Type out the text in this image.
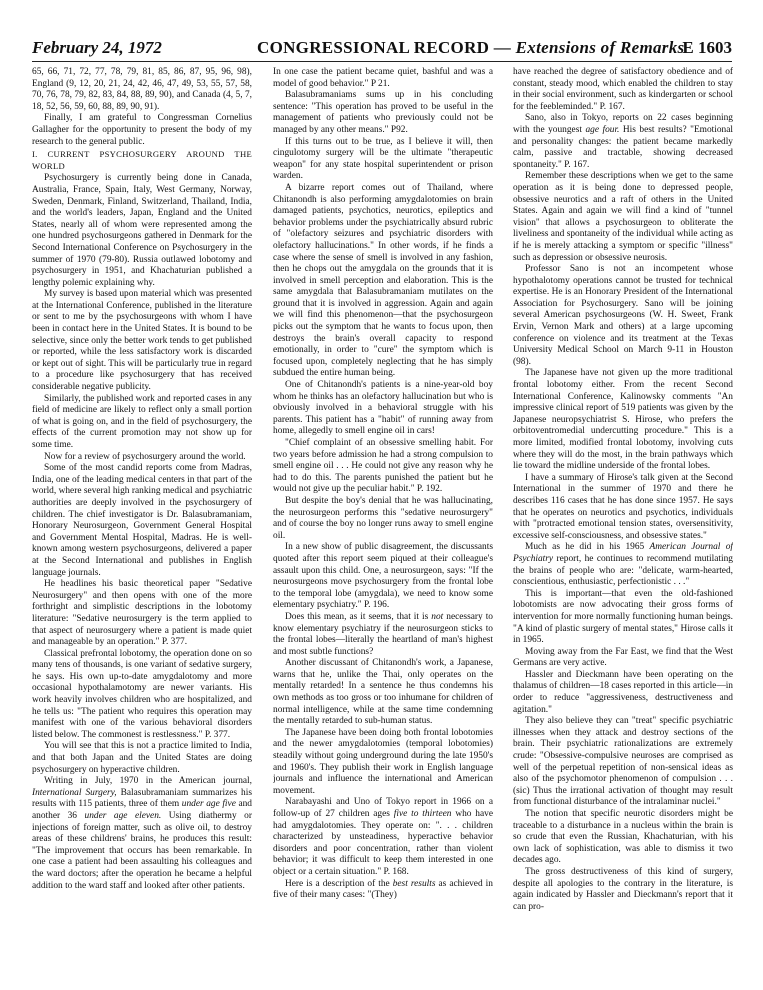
February 24, 1972	CONGRESSIONAL RECORD — Extensions of Remarks
E 1603

65, 66, 71, 72, 77, 78, 79, 81, 85, 86, 87, 95, 96, 98), England (9, 12, 20, 21, 24, 42, 46, 47, 49, 53, 55, 57, 58, 70, 76, 78, 79, 82, 83, 84, 88, 89, 90), and Canada (4, 5, 7, 18, 52, 56, 59, 60, 88, 89, 90, 91).

Finally, I am grateful to Congressman Cornelius Gallagher for the opportunity to present the body of my research to the general public.

I. CURRENT PSYCHOSURGERY AROUND THE WORLD

Psychosurgery is currently being done in Canada, Australia, France, Spain, Italy, West Germany, Norway, Sweden, Denmark, Finland, Switzerland, Thailand, India, and the world's leaders, Japan, England and the United States, nearly all of whom were represented among the one hundred psychosurgeons gathered in Denmark for the Second International Conference on Psychosurgery in the summer of 1970 (79-80). Russia outlawed lobotomy and psychosurgery in 1951, and Khachaturian published a lengthy polemic explaining why.

My survey is based upon material which was presented at the International Conference, published in the literature or sent to me by the psychosurgeons with whom I have been in contact here in the United States. It is bound to be selective, since only the better work tends to get published or reported, while the less satisfactory work is discarded or kept out of sight. This will be particularly true in regard to a procedure like psychosurgery that has received considerable negative publicity.

Similarly, the published work and reported cases in any field of medicine are likely to reflect only a small portion of what is going on, and in the field of psychosurgery, the effects of the current promotion may not show up for some time.

Now for a review of psychosurgery around the world.

Some of the most candid reports come from Madras, India, one of the leading medical centers in that part of the world, where several high ranking medical and psychiatric authorities are deeply involved in the psychosurgery of children. The chief investigator is Dr. Balasubramaniam, Honorary Neurosurgeon, Government General Hospital and Government Mental Hospital, Madras. He is well-known among western psychosurgeons, delivered a paper at the Second International and publishes in English language journals.

He headlines his basic theoretical paper "Sedative Neurosurgery" and then opens with one of the more forthright and simplistic descriptions in the lobotomy literature: "Sedative neurosurgery is the term applied to that aspect of neurosurgery where a patient is made quiet and manageable by an operation." P. 377.

Classical prefrontal lobotomy, the operation done on so many tens of thousands, is one variant of sedative surgery, he says. His own up-to-date amygdalotomy and more occasional hypothalamotomy are newer variants. His work heavily involves children who are hospitalized, and he tells us: "The patient who requires this operation may manifest with one of the various behavioral disorders listed below. The commonest is restlessness." P. 377.

You will see that this is not a practice limited to India, and that both Japan and the United States are doing psychosurgery on hyperactive children.

Writing in July, 1970 in the American journal, International Surgery, Balasubramaniam summarizes his results with 115 patients, three of them under age five and another 36 under age eleven. Using diathermy or injections of foreign matter, such as olive oil, to destroy areas of these childrens' brains, he produces this result: "The improvement that occurs has been remarkable. In one case a patient had been assaulting his colleagues and the ward doctors; after the operation he became a helpful addition to the ward staff and looked after other patients.

In one case the patient became quiet, bashful and was a model of good behavior." P 21.

Balasubramaniams sums up in his concluding sentence: "This operation has proved to be useful in the management of patients who previously could not be managed by any other means." P92.

If this turns out to be true, as I believe it will, then cingulotomy surgery will be the ultimate "therapeutic weapon" for any state hospital superintendent or prison warden.

A bizarre report comes out of Thailand, where Chitanondh is also performing amygdalotomies on brain damaged patients, psychotics, neurotics, epileptics and behavior problems under the psychiatrically absurd rubric of "olefactory seizures and psychiatric disorders with olefactory hallucinations." In other words, if he finds a case where the sense of smell is involved in any fashion, then he chops out the amygdala on the grounds that it is involved in smell perception and elaboration. This is the same amygdala that Balasubramaniam mutilates on the ground that it is involved in aggression. Again and again we will find this phenomenon—that the psychosurgeon picks out the symptom that he wants to focus upon, then destroys the brain's overall capacity to respond emotionally, in order to "cure" the symptom which is focused upon, completely neglecting that he has simply subdued the entire human being.

One of Chitanondh's patients is a nine-year-old boy whom he thinks has an olefactory hallucination but who is obviously involved in a behavioral struggle with his parents. This patient has a "habit" of running away from home, allegedly to smell engine oil in cars!

"Chief complaint of an obsessive smelling habit. For two years before admission he had a strong compulsion to smell engine oil . . . He could not give any reason why he had to do this. The parents punished the patient but he would not give up the peculiar habit." P. 192.

But despite the boy's denial that he was hallucinating, the neurosurgeon performs this "sedative neurosurgery" and of course the boy no longer runs away to smell engine oil.

In a new show of public disagreement, the discussants quoted after this report seem piqued at their colleague's assault upon this child. One, a neurosurgeon, says: "If the neurosurgeons move psychosurgery from the frontal lobe to the temporal lobe (amygdala), we need to know some elementary psychiatry." P. 196.

Does this mean, as it seems, that it is not necessary to know elementary psychiatry if the neurosurgeon sticks to the frontal lobes—literally the heartland of man's highest and most subtle functions?

Another discussant of Chitanondh's work, a Japanese, warns that he, unlike the Thai, only operates on the mentally retarded! In a sentence he thus condemns his own methods as too gross or too inhumane for children of normal intelligence, while at the same time condemning the mentally retarded to sub-human status.

The Japanese have been doing both frontal lobotomies and the newer amygdalotomies (temporal lobotomies) steadily without going underground during the late 1950's and 1960's. They publish their work in English language journals and influence the international and American movement.

Narabayashi and Uno of Tokyo report in 1966 on a follow-up of 27 children ages five to thirteen who have had amygdalotomies. They operate on: ". . . children characterized by unsteadiness, hyperactive behavior disorders and poor concentration, rather than violent behavior; it was difficult to keep them interested in one object or a certain situation." P. 168.

Here is a description of the best results as achieved in five of their many cases: "(They)

have reached the degree of satisfactory obedience and of constant, steady mood, which enabled the children to stay in their social environment, such as kindergarten or school for the feebleminded." P. 167.

Sano, also in Tokyo, reports on 22 cases beginning with the youngest age four. His best results? "Emotional and personality changes: the patient became markedly calm, passive and tractable, showing decreased spontaneity." P. 167.

Remember these descriptions when we get to the same operation as it is being done to depressed people, obsessive neurotics and a raft of others in the United States. Again and again we will find a kind of "tunnel vision" that allows a psychosurgeon to obliterate the liveliness and spontaneity of the individual while acting as if he is merely attacking a symptom or specific "illness" such as depression or obsessive neurosis.

Professor Sano is not an incompetent whose hypothalotomy operations cannot be trusted for technical expertise. He is an Honorary President of the International Association for Psychosurgery. Sano will be joining several American psychosurgeons (W. H. Sweet, Frank Ervin, Vernon Mark and others) at a large upcoming conference on violence and its treatment at the Texas University Medical School on March 9-11 in Houston (98).

The Japanese have not given up the more traditional frontal lobotomy either. From the recent Second International Conference, Kalinowsky comments "An impressive clinical report of 519 patients was given by the Japanese neuropsychiatrist S. Hirose, who prefers the orbitoventromedial undercutting procedure." This is a more limited, modified frontal lobotomy, involving cuts where they will do the most, in the brain pathways which lie toward the midline underside of the frontal lobes.

I have a summary of Hirose's talk given at the Second International in the summer of 1970 and there he describes 116 cases that he has done since 1957. He says that he operates on neurotics and psychotics, individuals with "protracted emotional tension states, oversensitivity, excessive self-consciousness, and obsessive states."

Much as he did in his 1965 American Journal of Psychiatry report, he continues to recommend mutilating the brains of people who are: "delicate, warm-hearted, conscientious, enthusiastic, perfectionistic . . ."

This is important—that even the old-fashioned lobotomists are now advocating their gross forms of intervention for more normally functioning human beings. "A kind of plastic surgery of mental states," Hirose calls it in 1965.

Moving away from the Far East, we find that the West Germans are very active.

Hassler and Dieckmann have been operating on the thalamus of children—18 cases reported in this article—in order to reduce "aggressiveness, destructiveness and agitation."

They also believe they can "treat" specific psychiatric illnesses when they attack and destroy sections of the brain. Their psychiatric rationalizations are extremely crude: "Obsessive-compulsive neuroses are comprised as well of the perpetual repetition of non-sensical ideas as also of the psychomotor phenomenon of compulsion . . . (sic) Thus the irrational activation of thought may result from functional disturbance of the intralaminar nuclei."

The notion that specific neurotic disorders might be traceable to a disturbance in a nucleus within the brain is so crude that even the Russian, Khachaturian, with his own lack of sophistication, was able to dismiss it two decades ago.

The gross destructiveness of this kind of surgery, despite all apologies to the contrary in the literature, is again indicated by Hassler and Dieckmann's report that it can pro-
